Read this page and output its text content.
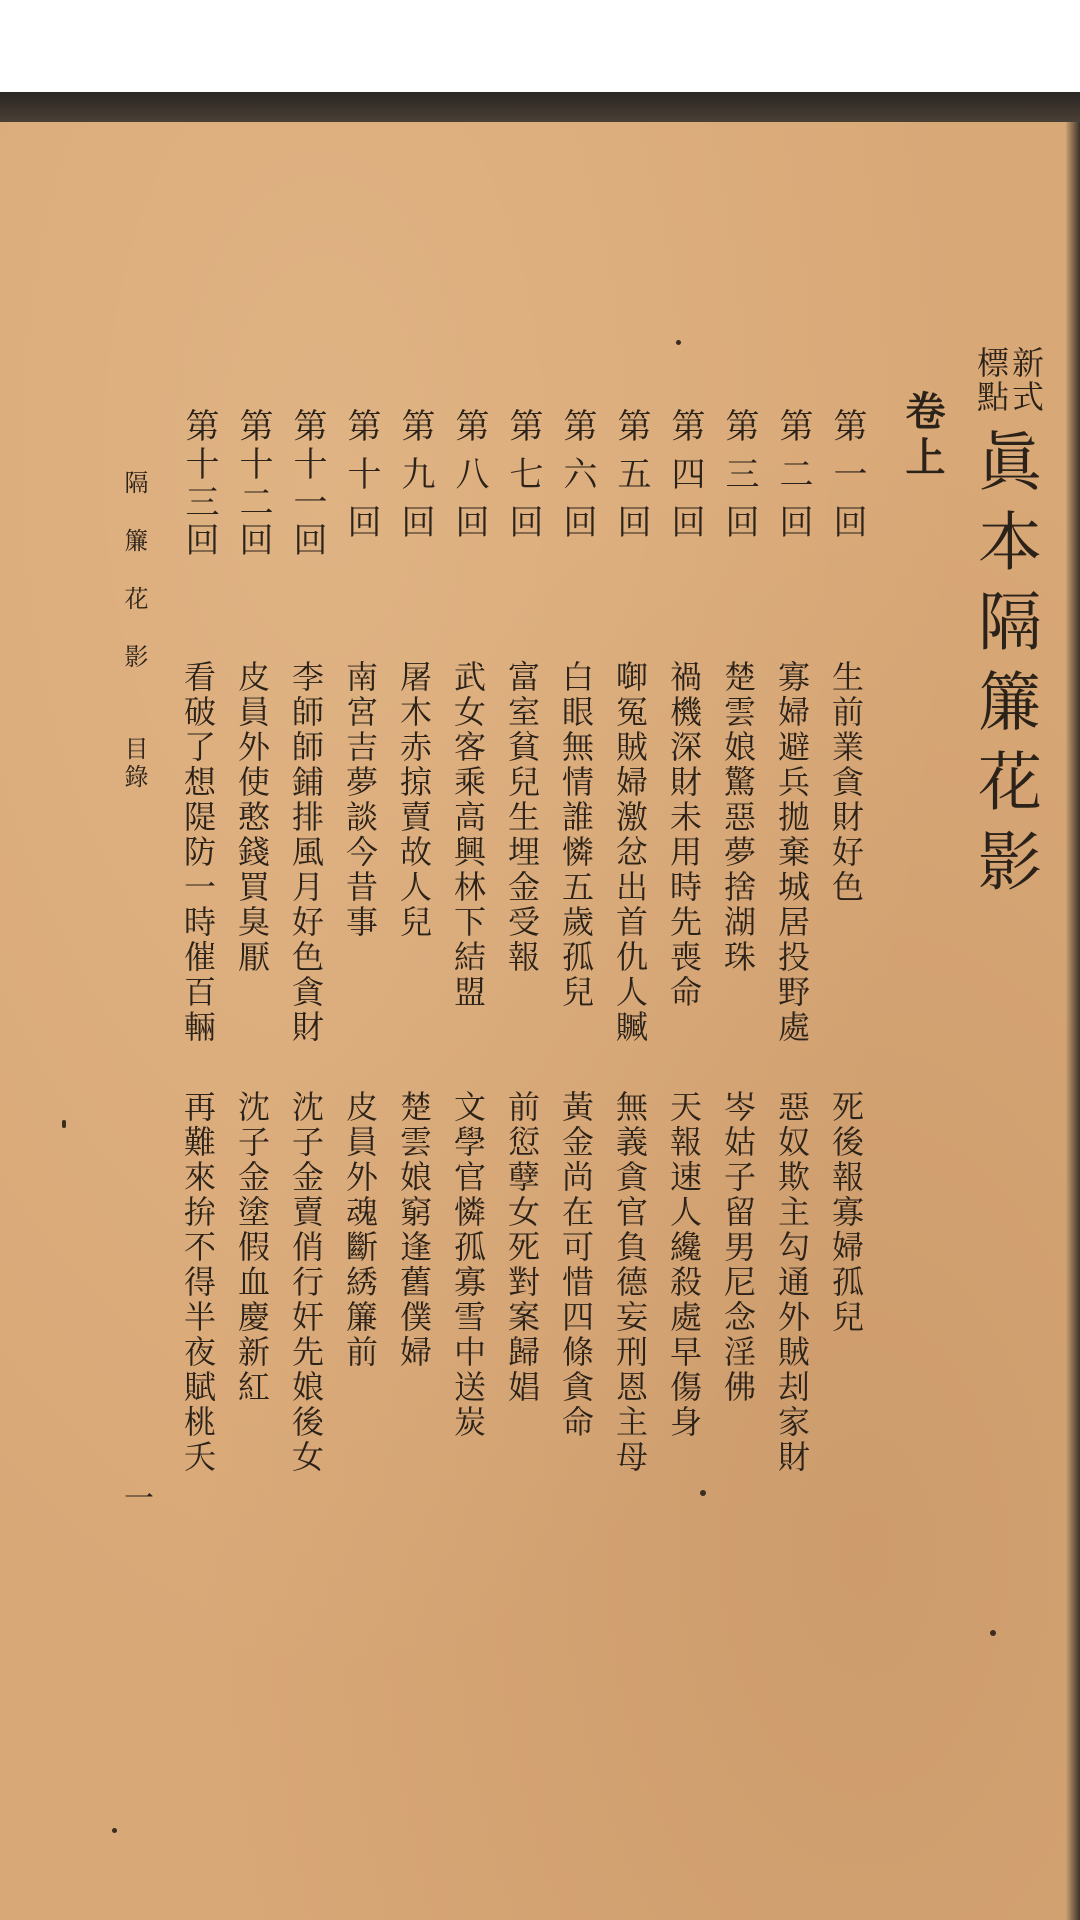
新式
標點
眞本隔簾花影
卷上
第一回
生前業貪財好色
死後報寡婦孤兒
第二回
寡婦避兵拋棄城居投野處
惡奴欺主勾通外賊刦家財
第三回
楚雲娘驚惡夢捨湖珠
岑姑子留男尼念淫佛
第四回
禍機深財未用時先喪命
天報速人纔殺處早傷身
第五回
啣冤賊婦激忿出首仇人贓
無義貪官負德妄刑恩主母
第六回
白眼無情誰憐五歲孤兒
黃金尚在可惜四條貪命
第七回
富室貧兒生埋金受報
前愆孽女死對案歸娼
第八回
武女客乘高興林下結盟
文學官憐孤寡雪中送炭
第九回
屠木赤掠賣故人兒
楚雲娘窮逢舊僕婦
第十回
南宮吉夢談今昔事
皮員外魂斷綉簾前
第十一回
李師師鋪排風月好色貪財
沈子金賣俏行奸先娘後女
第十二回
皮員外使憨錢買臭厭
沈子金塗假血慶新紅
第十三回
看破了想隄防一時催百輛
再難來拚不得半夜賦桃夭
隔簾花影
目錄
一
